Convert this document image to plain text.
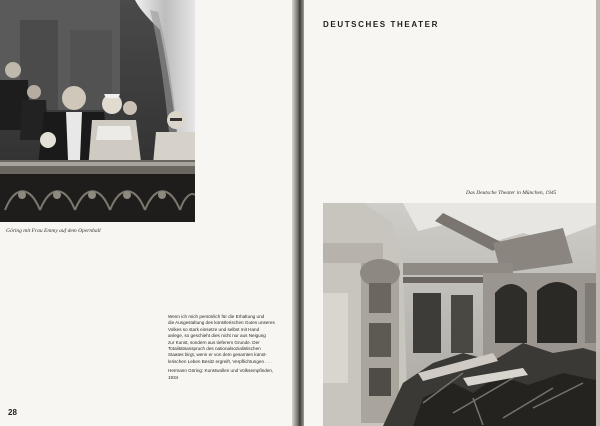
Göring mit Frau Emmy auf dem Opernball
Wenn ich mich persönlich für die Erhaltung und
die Ausgestaltung des künstlerischen Gutes unseres
Volkes so stark einsetze und selbst mit Hand
anlege, so geschieht dies nicht nur aus Neigung
zur Kunst, sondern aus tieferem Grunde. Der
Totalitätsanspruch des nationalsozialistischen
Staates birgt, wenn er von dem gesamten künst-
lerischen Leben Besitz ergreift, Verpflichtungen . . .
Hermann Göring: Kunstwollen und Volksempfinden,
1934
28
DEUTSCHES THEATER
Das Deutsche Theater in München, 1945
